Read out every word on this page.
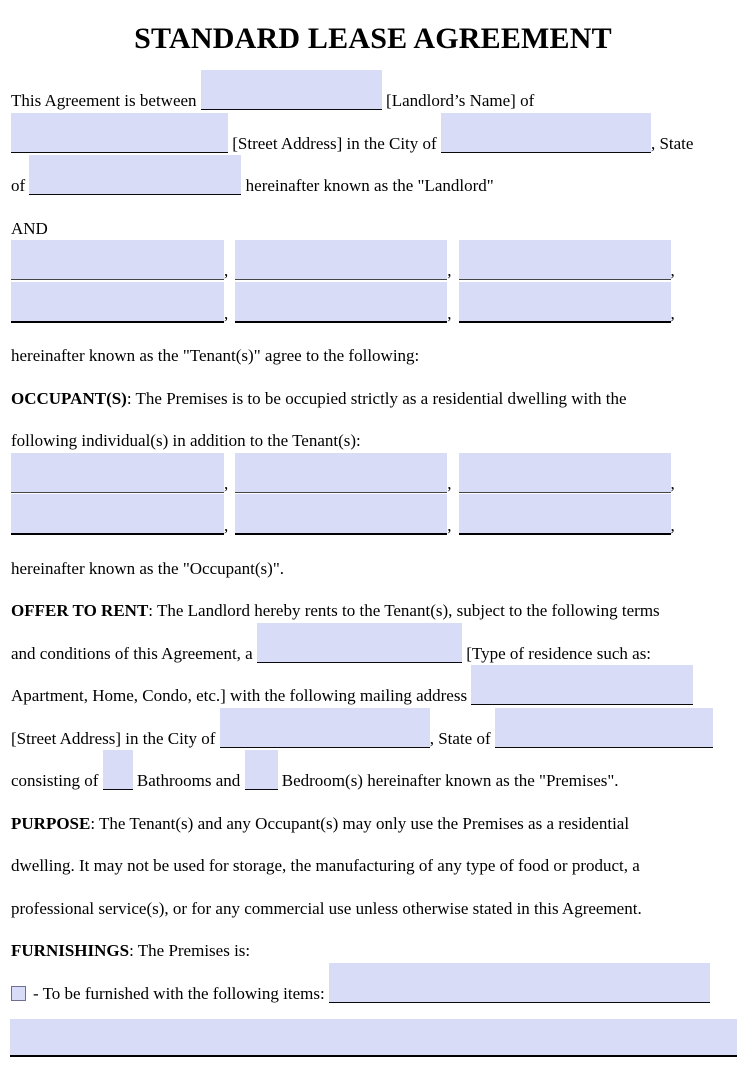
STANDARD LEASE AGREEMENT
This Agreement is between	[Landlord’s Name] of
[Street Address] in the City of	, State
of	hereinafter known as the "Landlord"
AND
,	,	,
,	,	,
hereinafter known as the "Tenant(s)" agree to the following:
OCCUPANT(S): The Premises is to be occupied strictly as a residential dwelling with the
following individual(s) in addition to the Tenant(s):
,	,	,
,	,	,
hereinafter known as the "Occupant(s)".
OFFER TO RENT: The Landlord hereby rents to the Tenant(s), subject to the following terms
and conditions of this Agreement, a	[Type of residence such as:
Apartment, Home, Condo, etc.] with the following mailing address
[Street Address] in the City of	, State of
consisting of  Bathrooms and  Bedroom(s) hereinafter known as the "Premises".
PURPOSE: The Tenant(s) and any Occupant(s) may only use the Premises as a residential
dwelling. It may not be used for storage, the manufacturing of any type of food or product, a
professional service(s), or for any commercial use unless otherwise stated in this Agreement.
FURNISHINGS: The Premises is:
- To be furnished with the following items:
